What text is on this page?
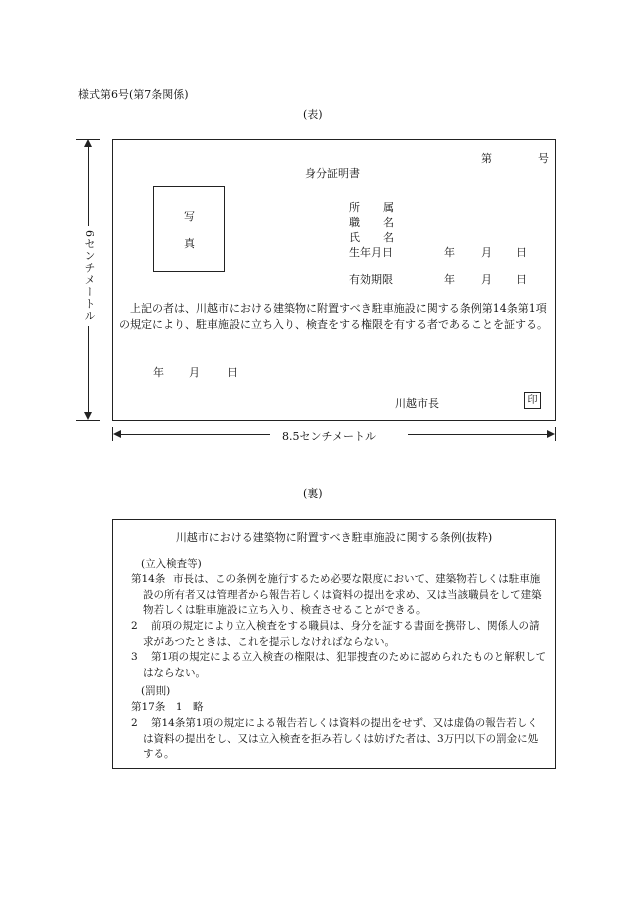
様式第6号(第7条関係)
(表)
6センチメートル
第	号
身分証明書
写
真
所 属
職 名
氏 名
生年月日	年 月 日
有効期限	年 月 日
上記の者は、川越市における建築物に附置すべき駐車施設に関する条例第14条第1項の規定により、駐車施設に立ち入り、検査をする権限を有する者であることを証する。
年 月 日
川越市長	印
8.5センチメートル
(裏)
川越市における建築物に附置すべき駐車施設に関する条例(抜粋)
(立入検査等)
第14条 市長は、この条例を施行するため必要な限度において、建築物若しくは駐車施設の所有者又は管理者から報告若しくは資料の提出を求め、又は当該職員をして建築物若しくは駐車施設に立ち入り、検査させることができる。
2	前項の規定により立入検査をする職員は、身分を証する書面を携帯し、関係人の請求があつたときは、これを提示しなければならない。
3	第1項の規定による立入検査の権限は、犯罪捜査のために認められたものと解釈してはならない。
(罰則)
第17条　1　略
2	第14条第1項の規定による報告若しくは資料の提出をせず、又は虚偽の報告若しくは資料の提出をし、又は立入検査を拒み若しくは妨げた者は、3万円以下の罰金に処する。
